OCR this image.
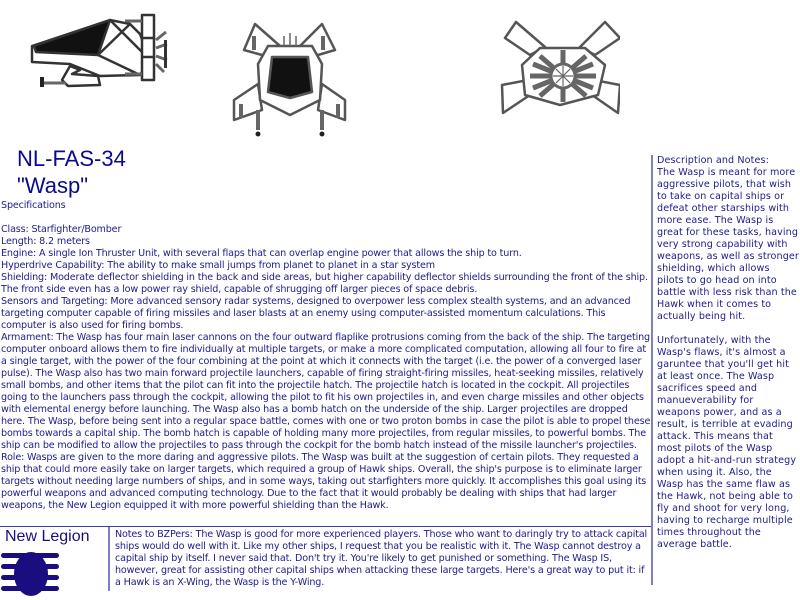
NL-FAS-34
"Wasp"

Specifications

Class: Starfighter/Bomber

Length: 8.2 meters

Engine: A single Ion Thruster Unit, with several flaps that can overlap engine power that allows the ship to turn.

Hyperdrive Capability: The ability to make small jumps from planet to planet in a star system

Shielding: Moderate deflector shielding in the back and side areas, but higher capability deflector shields surrounding the front of the ship. The front side even has a low power ray shield, capable of shrugging off larger pieces of space debris.

Sensors and Targeting: More advanced sensory radar systems, designed to overpower less complex stealth systems, and an advanced targeting computer capable of firing missiles and laser blasts at an enemy using computer-assisted momentum calculations. This computer is also used for firing bombs.

Armament: The Wasp has four main laser cannons on the four outward flaplike protrusions coming from the back of the ship. The targeting computer onboard allows them to fire individually at multiple targets, or make a more complicated computation, allowing all four to fire at a single target, with the power of the four combining at the point at which it connects with the target (i.e. the power of a converged laser pulse). The Wasp also has two main forward projectile launchers, capable of firing straight-firing missiles, heat-seeking missiles, relatively small bombs, and other items that the pilot can fit into the projectile hatch. The projectile hatch is located in the cockpit. All projectiles going to the launchers pass through the cockpit, allowing the pilot to fit his own projectiles in, and even charge missiles and other objects with elemental energy before launching. The Wasp also has a bomb hatch on the underside of the ship. Larger projectiles are dropped here. The Wasp, before being sent into a regular space battle, comes with one or two proton bombs in case the pilot is able to propel these bombs towards a capital ship. The bomb hatch is capable of holding many more projectiles, from regular missiles, to powerful bombs. The ship can be modified to allow the projectiles to pass through the cockpit for the bomb hatch instead of the missile launcher's projectiles.

Role: Wasps are given to the more daring and aggressive pilots. The Wasp was built at the suggestion of certain pilots. They requested a ship that could more easily take on larger targets, which required a group of Hawk ships. Overall, the ship's purpose is to eliminate larger targets without needing large numbers of ships, and in some ways, taking out starfighters more quickly. It accomplishes this goal using its powerful weapons and advanced computing technology. Due to the fact that it would probably be dealing with ships that had larger weapons, the New Legion equipped it with more powerful shielding than the Hawk.

Description and Notes:

The Wasp is meant for more aggressive pilots, that wish to take on capital ships or defeat other starships with more ease. The Wasp is great for these tasks, having very strong capability with weapons, as well as stronger shielding, which allows pilots to go head on into battle with less risk than the Hawk when it comes to actually being hit.

Unfortunately, with the Wasp's flaws, it's almost a garuntee that you'll get hit at least once. The Wasp sacrifices speed and manueverability for weapons power, and as a result, is terrible at evading attack. This means that most pilots of the Wasp adopt a hit-and-run strategy when using it. Also, the Wasp has the same flaw as the Hawk, not being able to fly and shoot for very long, having to recharge multiple times throughout the average battle.

New Legion	Notes to BZPers: The Wasp is good for more experienced players. Those who want to daringly try to attack capital ships would do well with it. Like my other ships, I request that you be realistic with it. The Wasp cannot destroy a capital ship by itself. I never said that. Don't try it. You're likely to get punished or something. The Wasp IS, however, great for assisting other capital ships when attacking these large targets. Here's a great way to put it: if a Hawk is an X-Wing, the Wasp is the Y-Wing.
